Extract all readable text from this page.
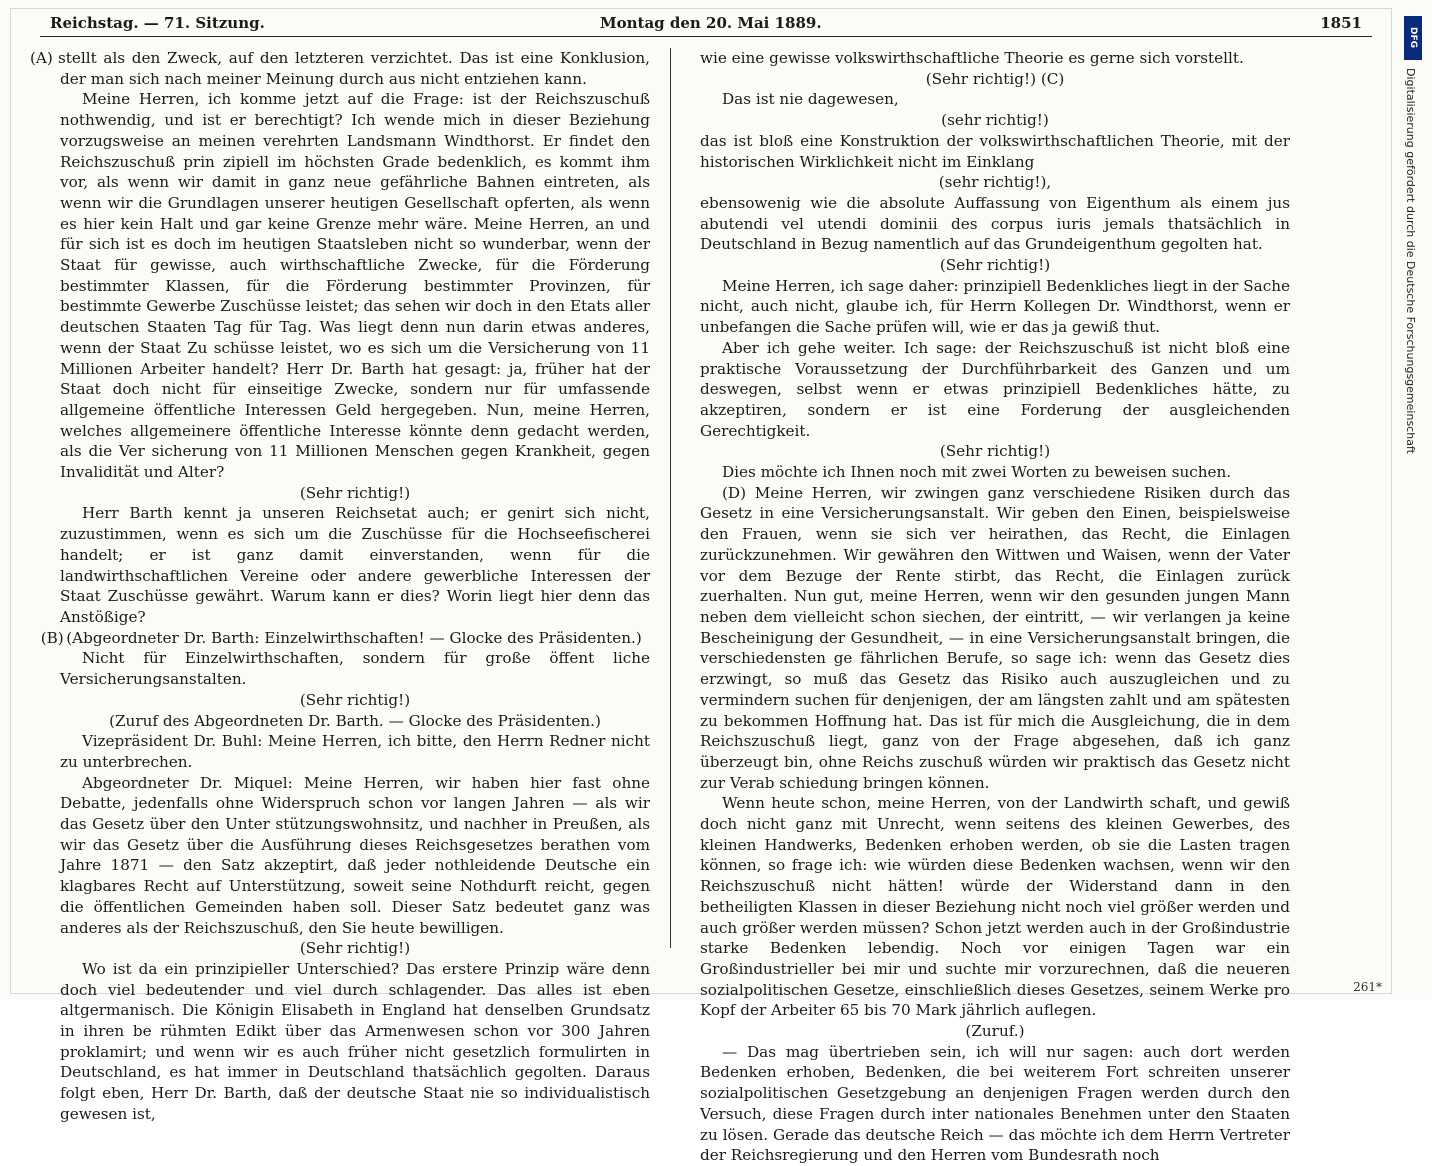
Reichstag. — 71. Sitzung.	Montag den 20. Mai 1889.	1851

(A) stellt als den Zweck, auf den letzteren verzichtet. Das ist eine Konklusion, der man sich nach meiner Meinung durch aus nicht entziehen kann.

Meine Herren, ich komme jetzt auf die Frage: ist der Reichszuschuß nothwendig, und ist er berechtigt? Ich wende mich in dieser Beziehung vorzugsweise an meinen verehrten Landsmann Windthorst. Er findet den Reichszuschuß prin zipiell im höchsten Grade bedenklich, es kommt ihm vor, als wenn wir damit in ganz neue gefährliche Bahnen eintreten, als wenn wir die Grundlagen unserer heutigen Gesellschaft opferten, als wenn es hier kein Halt und gar keine Grenze mehr wäre. Meine Herren, an und für sich ist es doch im heutigen Staatsleben nicht so wunderbar, wenn der Staat für gewisse, auch wirthschaftliche Zwecke, für die Förderung bestimmter Klassen, für die Förderung bestimmter Provinzen, für bestimmte Gewerbe Zuschüsse leistet; das sehen wir doch in den Etats aller deutschen Staaten Tag für Tag. Was liegt denn nun darin etwas anderes, wenn der Staat Zu schüsse leistet, wo es sich um die Versicherung von 11 Millionen Arbeiter handelt? Herr Dr. Barth hat gesagt: ja, früher hat der Staat doch nicht für einseitige Zwecke, sondern nur für umfassende allgemeine öffentliche Interessen Geld hergegeben. Nun, meine Herren, welches allgemeinere öffentliche Interesse könnte denn gedacht werden, als die Ver sicherung von 11 Millionen Menschen gegen Krankheit, gegen Invalidität und Alter?

(Sehr richtig!)

Herr Barth kennt ja unseren Reichsetat auch; er genirt sich nicht, zuzustimmen, wenn es sich um die Zuschüsse für die Hochseefischerei handelt; er ist ganz damit einverstanden, wenn für die landwirthschaftlichen Vereine oder andere gewerbliche Interessen der Staat Zuschüsse gewährt. Warum kann er dies? Worin liegt hier denn das Anstößige?

(B) (Abgeordneter Dr. Barth: Einzelwirthschaften! — Glocke des Präsidenten.)

Nicht für Einzelwirthschaften, sondern für große öffent liche Versicherungsanstalten.

(Sehr richtig!)

(Zuruf des Abgeordneten Dr. Barth. — Glocke des Präsidenten.)

Vizepräsident Dr. Buhl: Meine Herren, ich bitte, den Herrn Redner nicht zu unterbrechen.

Abgeordneter Dr. Miquel: Meine Herren, wir haben hier fast ohne Debatte, jedenfalls ohne Widerspruch schon vor langen Jahren — als wir das Gesetz über den Unter stützungswohnsitz, und nachher in Preußen, als wir das Gesetz über die Ausführung dieses Reichsgesetzes berathen vom Jahre 1871 — den Satz akzeptirt, daß jeder nothleidende Deutsche ein klagbares Recht auf Unterstützung, soweit seine Nothdurft reicht, gegen die öffentlichen Gemeinden haben soll. Dieser Satz bedeutet ganz was anderes als der Reichszuschuß, den Sie heute bewilligen.

(Sehr richtig!)

Wo ist da ein prinzipieller Unterschied? Das erstere Prinzip wäre denn doch viel bedeutender und viel durch schlagender. Das alles ist eben altgermanisch. Die Königin Elisabeth in England hat denselben Grundsatz in ihren be rühmten Edikt über das Armenwesen schon vor 300 Jahren proklamirt; und wenn wir es auch früher nicht gesetzlich formulirten in Deutschland, es hat immer in Deutschland thatsächlich gegolten. Daraus folgt eben, Herr Dr. Barth, daß der deutsche Staat nie so individualistisch gewesen ist,

wie eine gewisse volkswirthschaftliche Theorie es gerne sich vorstellt.

(Sehr richtig!) (C)

Das ist nie dagewesen,

(sehr richtig!)

das ist bloß eine Konstruktion der volkswirthschaftlichen Theorie, mit der historischen Wirklichkeit nicht im Einklang

(sehr richtig!),

ebensowenig wie die absolute Auffassung von Eigenthum als einem jus abutendi vel utendi dominii des corpus iuris jemals thatsächlich in Deutschland in Bezug namentlich auf das Grundeigenthum gegolten hat.

(Sehr richtig!)

Meine Herren, ich sage daher: prinzipiell Bedenkliches liegt in der Sache nicht, auch nicht, glaube ich, für Herrn Kollegen Dr. Windthorst, wenn er unbefangen die Sache prüfen will, wie er das ja gewiß thut.

Aber ich gehe weiter. Ich sage: der Reichszuschuß ist nicht bloß eine praktische Voraussetzung der Durchführbarkeit des Ganzen und um deswegen, selbst wenn er etwas prinzipiell Bedenkliches hätte, zu akzeptiren, sondern er ist eine Forderung der ausgleichenden Gerechtigkeit.

(Sehr richtig!)

Dies möchte ich Ihnen noch mit zwei Worten zu beweisen suchen.

(D) Meine Herren, wir zwingen ganz verschiedene Risiken durch das Gesetz in eine Versicherungsanstalt. Wir geben den Einen, beispielsweise den Frauen, wenn sie sich ver heirathen, das Recht, die Einlagen zurückzunehmen. Wir gewähren den Wittwen und Waisen, wenn der Vater vor dem Bezuge der Rente stirbt, das Recht, die Einlagen zurück zuerhalten. Nun gut, meine Herren, wenn wir den gesunden jungen Mann neben dem vielleicht schon siechen, der eintritt, — wir verlangen ja keine Bescheinigung der Gesundheit, — in eine Versicherungsanstalt bringen, die verschiedensten ge fährlichen Berufe, so sage ich: wenn das Gesetz dies erzwingt, so muß das Gesetz das Risiko auch auszugleichen und zu vermindern suchen für denjenigen, der am längsten zahlt und am spätesten zu bekommen Hoffnung hat. Das ist für mich die Ausgleichung, die in dem Reichszuschuß liegt, ganz von der Frage abgesehen, daß ich ganz überzeugt bin, ohne Reichs zuschuß würden wir praktisch das Gesetz nicht zur Verab schiedung bringen können.

Wenn heute schon, meine Herren, von der Landwirth schaft, und gewiß doch nicht ganz mit Unrecht, wenn seitens des kleinen Gewerbes, des kleinen Handwerks, Bedenken erhoben werden, ob sie die Lasten tragen können, so frage ich: wie würden diese Bedenken wachsen, wenn wir den Reichszuschuß nicht hätten! würde der Widerstand dann in den betheiligten Klassen in dieser Beziehung nicht noch viel größer werden und auch größer werden müssen? Schon jetzt werden auch in der Großindustrie starke Bedenken lebendig. Noch vor einigen Tagen war ein Großindustrieller bei mir und suchte mir vorzurechnen, daß die neueren sozialpolitischen Gesetze, einschließlich dieses Gesetzes, seinem Werke pro Kopf der Arbeiter 65 bis 70 Mark jährlich auflegen.

(Zuruf.)

— Das mag übertrieben sein, ich will nur sagen: auch dort werden Bedenken erhoben, Bedenken, die bei weiterem Fort schreiten unserer sozialpolitischen Gesetzgebung an denjenigen Fragen werden durch den Versuch, diese Fragen durch inter nationales Benehmen unter den Staaten zu lösen. Gerade das deutsche Reich — das möchte ich dem Herrn Vertreter der Reichsregierung und den Herren vom Bundesrath noch

261*
DFG
Digitalisierung gefördert durch die Deutsche Forschungsgemeinschaft
